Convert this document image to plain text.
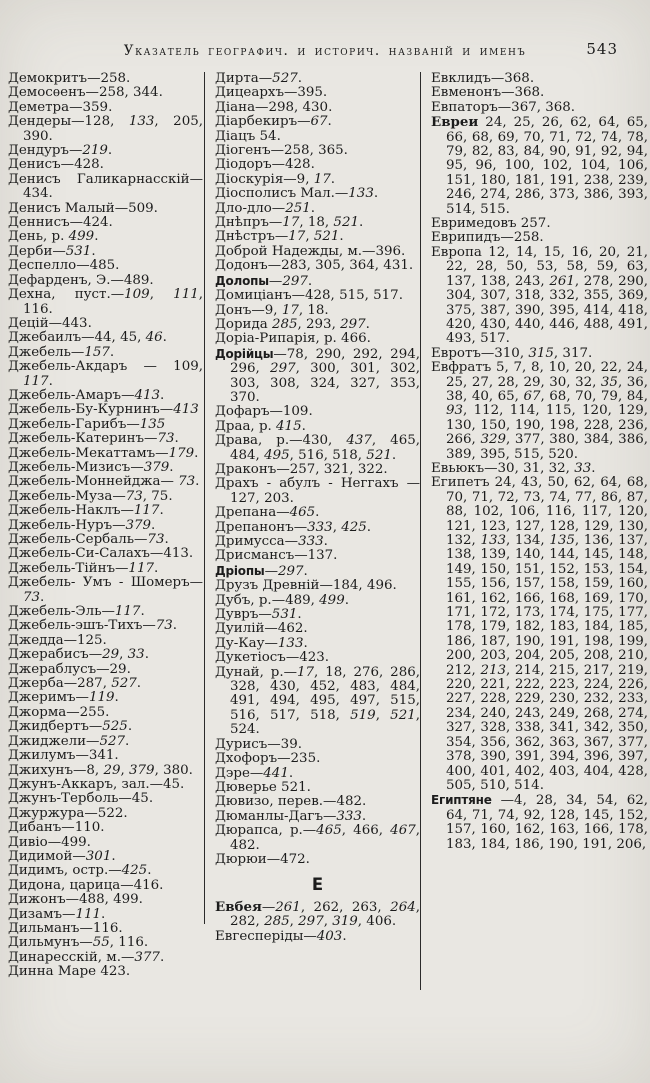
Указатель географич. и историч. названій и именъ	543
Демокритъ—258.
Демосѳенъ—258, 344.
Деметра—359.
Дендеры—128, 133, 205, 390.
Дендуръ—219.
Денисъ—428.
Денисъ Галикарнасскій—434.
Денисъ Малый—509.
Деннисъ—424.
День, р. 499.
Дерби—531.
Деспелло—485.
Дефарденъ, Э.—489.
Дехна, пуст.—109, 111, 116.
Децій—443.
Джебаилъ—44, 45, 46.
Джебель—157.
Джебель-Акдаръ — 109, 117.
Джебель-Амаръ—413.
Джебель-Бу-Курнинъ—413
Джебель-Гарибъ—135
Джебель-Катеринъ—73.
Джебель-Мекаттамъ—179.
Джебель-Мизисъ—379.
Джебель-Моннейджа— 73.
Джебель-Муза—73, 75.
Джебель-Наклъ—117.
Джебель-Нуръ—379.
Джебель-Сербаль—73.
Джебель-Си-Салахъ—413.
Джебель-Тійнъ—117.
Джебель- Умъ - Шомеръ—73.
Джебель-Эль—117.
Джебель-эшъ-Тихъ—73.
Джедда—125.
Джерабисъ—29, 33.
Джераблусъ—29.
Джерба—287, 527.
Джеримъ—119.
Джорма—255.
Джидбертъ—525.
Джиджели—527.
Джилумъ—341.
Джихунъ—8, 29, 379, 380.
Джунъ-Аккаръ, зал.—45.
Джунъ-Терболь—45.
Джуржура—522.
Дибанъ—110.
Дивіо—499.
Дидимой—301.
Дидимъ, остр.—425.
Дидона, царица—416.
Дижонъ—488, 499.
Дизамъ—111.
Дильманъ—116.
Дильмунъ—55, 116.
Динаресскій, м.—377.
Динна Маре 423.
Дирта—527.
Дицеархъ—395.
Діана—298, 430.
Діарбекиръ—67.
Діацъ 54.
Діогенъ—258, 365.
Діодоръ—428.
Діоскурія—9, 17.
Діосполисъ Мал.—133.
Дло-дло—251.
Днѣпръ—17, 18, 521.
Днѣстръ—17, 521.
Доброй Надежды, м.—396.
Додонъ—283, 305, 364, 431.
Долопы—297.
Домиціанъ—428, 515, 517.
Донъ—9, 17, 18.
Дорида 285, 293, 297.
Доріа-Рипарія, р. 466.
Дорійцы—78, 290, 292, 294, 296, 297, 300, 301, 302, 303, 308, 324, 327, 353, 370.
Дофаръ—109.
Драа, р. 415.
Драва, р.—430, 437, 465, 484, 495, 516, 518, 521.
Драконъ—257, 321, 322.
Драхъ - абулъ - Неггахъ — 127, 203.
Дрепана—465.
Дрепанонъ—333, 425.
Дримусса—333.
Дрисмансъ—137.
Дріопы—297.
Друзъ Древній—184, 496.
Дубъ, р.—489, 499.
Дувръ—531.
Дуилій—462.
Ду-Кау—133.
Дукетіосъ—423.
Дунай, р.—17, 18, 276, 286, 328, 430, 452, 483, 484, 491, 494, 495, 497, 515, 516, 517, 518, 519, 521, 524.
Дурисъ—39.
Дхофоръ—235.
Дэре—441.
Дюверье 521.
Дювизо, перев.—482.
Дюманлы-Дагъ—333.
Дюрапса, р.—465, 466, 467, 482.
Дюрюи—472.
Е
Евбея—261, 262, 263, 264, 282, 285, 297, 319, 406.
Евгесперіды—403.
Евклидъ—368.
Евменонъ—368.
Евпаторъ—367, 368.
Евреи 24, 25, 26, 62, 64, 65, 66, 68, 69, 70, 71, 72, 74, 78, 79, 82, 83, 84, 90, 91, 92, 94, 95, 96, 100, 102, 104, 106, 151, 180, 181, 191, 238, 239, 246, 274, 286, 373, 386, 393, 514, 515.
Евримедовъ 257.
Еврипидъ—258.
Европа 12, 14, 15, 16, 20, 21, 22, 28, 50, 53, 58, 59, 63, 137, 138, 243, 261, 278, 290, 304, 307, 318, 332, 355, 369, 375, 387, 390, 395, 414, 418, 420, 430, 440, 446, 488, 491, 493, 517.
Евротъ—310, 315, 317.
Евфратъ 5, 7, 8, 10, 20, 22, 24, 25, 27, 28, 29, 30, 32, 35, 36, 38, 40, 65, 67, 68, 70, 79, 84, 93, 112, 114, 115, 120, 129, 130, 150, 190, 198, 228, 236, 266, 329, 377, 380, 384, 386, 389, 395, 515, 520.
Евьюкъ—30, 31, 32, 33.
Египетъ 24, 43, 50, 62, 64, 68, 70, 71, 72, 73, 74, 77, 86, 87, 88, 102, 106, 116, 117, 120, 121, 123, 127, 128, 129, 130, 132, 133, 134, 135, 136, 137, 138, 139, 140, 144, 145, 148, 149, 150, 151, 152, 153, 154, 155, 156, 157, 158, 159, 160, 161, 162, 166, 168, 169, 170, 171, 172, 173, 174, 175, 177, 178, 179, 182, 183, 184, 185, 186, 187, 190, 191, 198, 199, 200, 203, 204, 205, 208, 210, 212, 213, 214, 215, 217, 219, 220, 221, 222, 223, 224, 226, 227, 228, 229, 230, 232, 233, 234, 240, 243, 249, 268, 274, 327, 328, 338, 341, 342, 350, 354, 356, 362, 363, 367, 377, 378, 390, 391, 394, 396, 397, 400, 401, 402, 403, 404, 428, 505, 510, 514.
Египтяне —4, 28, 34, 54, 62, 64, 71, 74, 92, 128, 145, 152, 157, 160, 162, 163, 166, 178, 183, 184, 186, 190, 191, 206,
